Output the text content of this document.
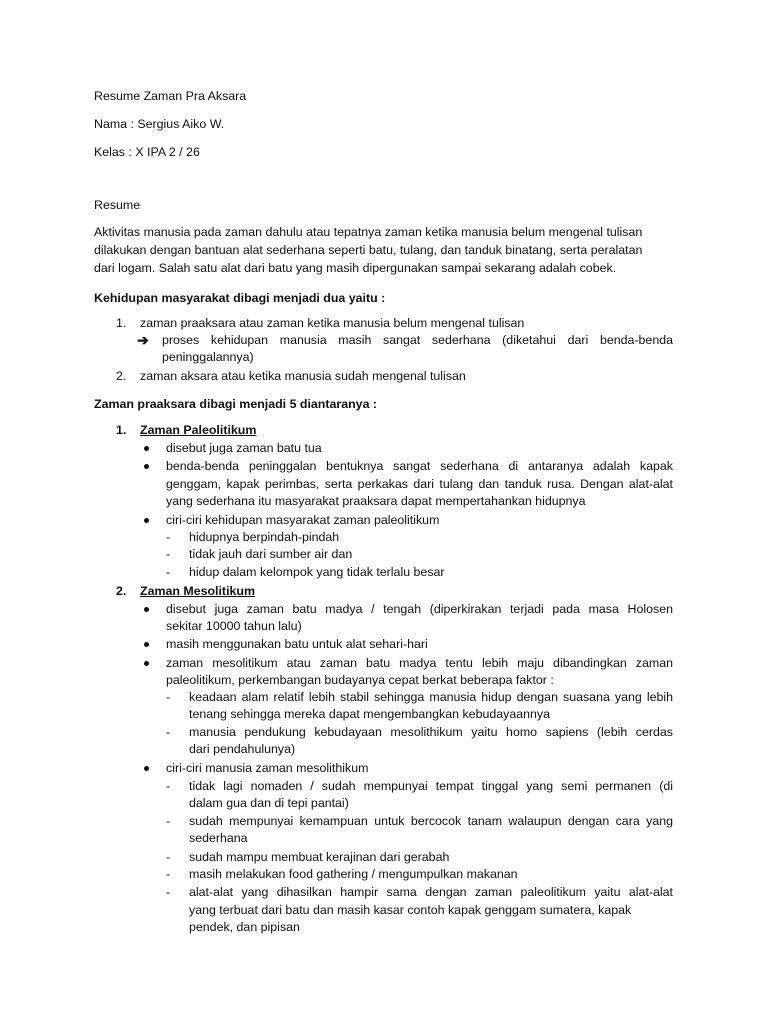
Resume Zaman Pra Aksara
Nama : Sergius Aiko W.
Kelas : X IPA 2 / 26
Resume
Aktivitas manusia pada zaman dahulu atau tepatnya zaman ketika manusia belum mengenal tulisan
dilakukan dengan bantuan alat sederhana seperti batu, tulang, dan tanduk binatang, serta peralatan
dari logam. Salah satu alat dari batu yang masih dipergunakan sampai sekarang adalah cobek.
Kehidupan masyarakat dibagi menjadi dua yaitu :
1. zaman praaksara atau zaman ketika manusia belum mengenal tulisan
➔ proses kehidupan manusia masih sangat sederhana (diketahui dari benda-benda
peninggalannya)
2. zaman aksara atau ketika manusia sudah mengenal tulisan
Zaman praaksara dibagi menjadi 5 diantaranya :
1. Zaman Paleolitikum
disebut juga zaman batu tua
benda-benda peninggalan bentuknya sangat sederhana di antaranya adalah kapak
genggam, kapak perimbas, serta perkakas dari tulang dan tanduk rusa. Dengan alat-alat
yang sederhana itu masyarakat praaksara dapat mempertahankan hidupnya
ciri-ciri kehidupan masyarakat zaman paleolitikum
- hidupnya berpindah-pindah
- tidak jauh dari sumber air dan
- hidup dalam kelompok yang tidak terlalu besar
2. Zaman Mesolitikum
disebut juga zaman batu madya / tengah (diperkirakan terjadi pada masa Holosen
sekitar 10000 tahun lalu)
masih menggunakan batu untuk alat sehari-hari
zaman mesolitikum atau zaman batu madya tentu lebih maju dibandingkan zaman
paleolitikum, perkembangan budayanya cepat berkat beberapa faktor :
- keadaan alam relatif lebih stabil sehingga manusia hidup dengan suasana yang lebih
tenang sehingga mereka dapat mengembangkan kebudayaannya
- manusia pendukung kebudayaan mesolithikum yaitu homo sapiens (lebih cerdas
dari pendahulunya)
ciri-ciri manusia zaman mesolithikum
- tidak lagi nomaden / sudah mempunyai tempat tinggal yang semi permanen (di
dalam gua dan di tepi pantai)
- sudah mempunyai kemampuan untuk bercocok tanam walaupun dengan cara yang
sederhana
- sudah mampu membuat kerajinan dari gerabah
- masih melakukan food gathering / mengumpulkan makanan
- alat-alat yang dihasilkan hampir sama dengan zaman paleolitikum yaitu alat-alat
yang terbuat dari batu dan masih kasar contoh kapak genggam sumatera, kapak
pendek, dan pipisan
